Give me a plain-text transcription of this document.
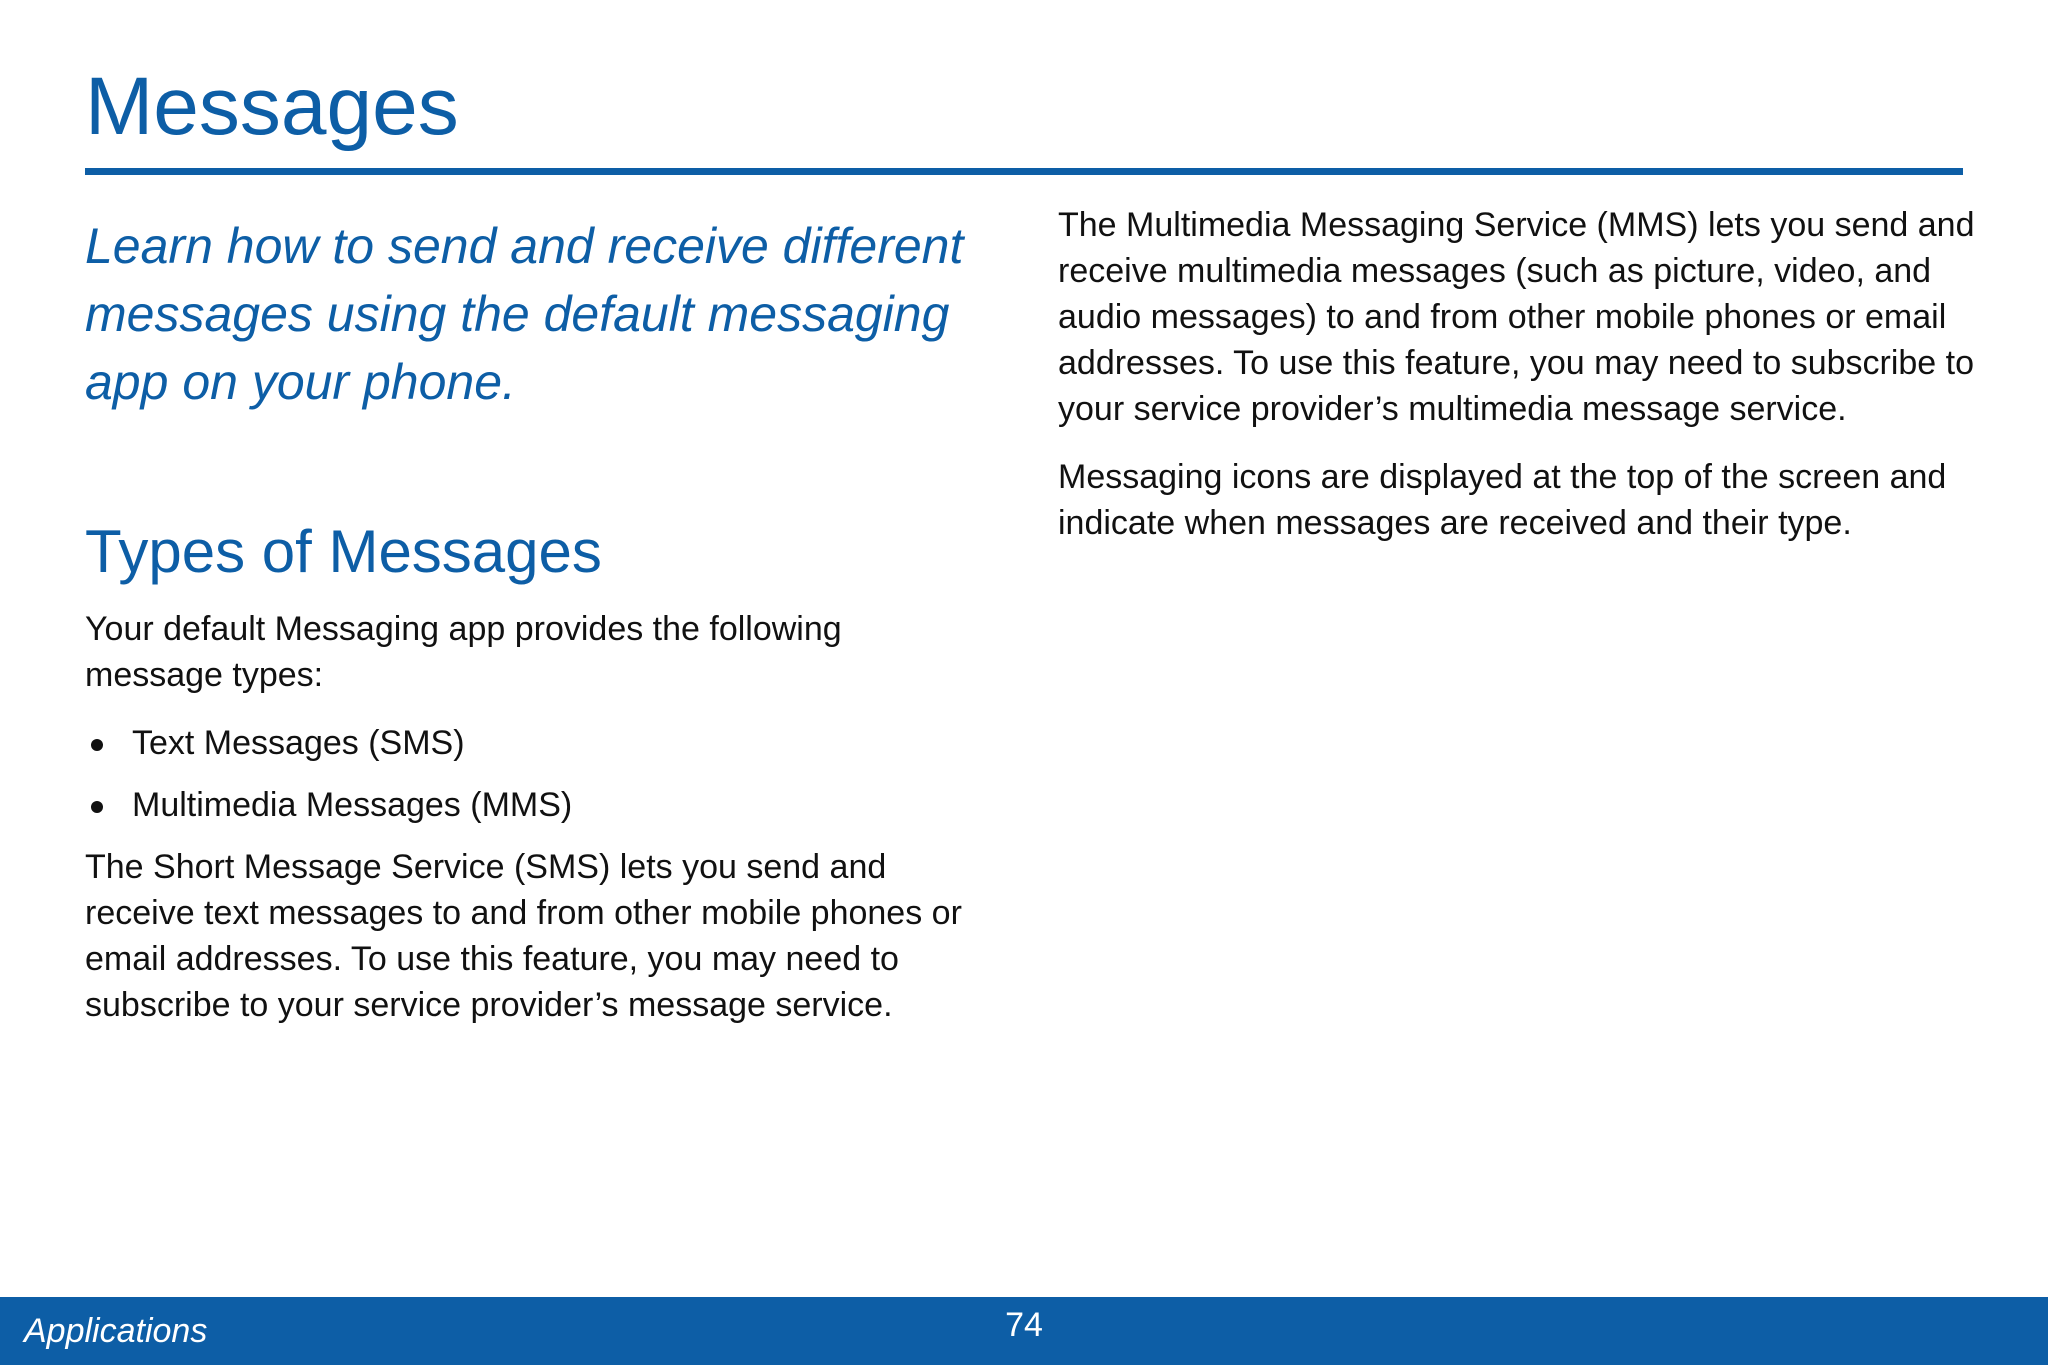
Messages

Learn how to send and receive different messages using the default messaging app on your phone.

Types of Messages

Your default Messaging app provides the following message types:

Text Messages (SMS)
Multimedia Messages (MMS)

The Short Message Service (SMS) lets you send and receive text messages to and from other mobile phones or email addresses. To use this feature, you may need to subscribe to your service provider’s message service.

The Multimedia Messaging Service (MMS) lets you send and receive multimedia messages (such as picture, video, and audio messages) to and from other mobile phones or email addresses. To use this feature, you may need to subscribe to your service provider’s multimedia message service.

Messaging icons are displayed at the top of the screen and indicate when messages are received and their type.

Applications	74
